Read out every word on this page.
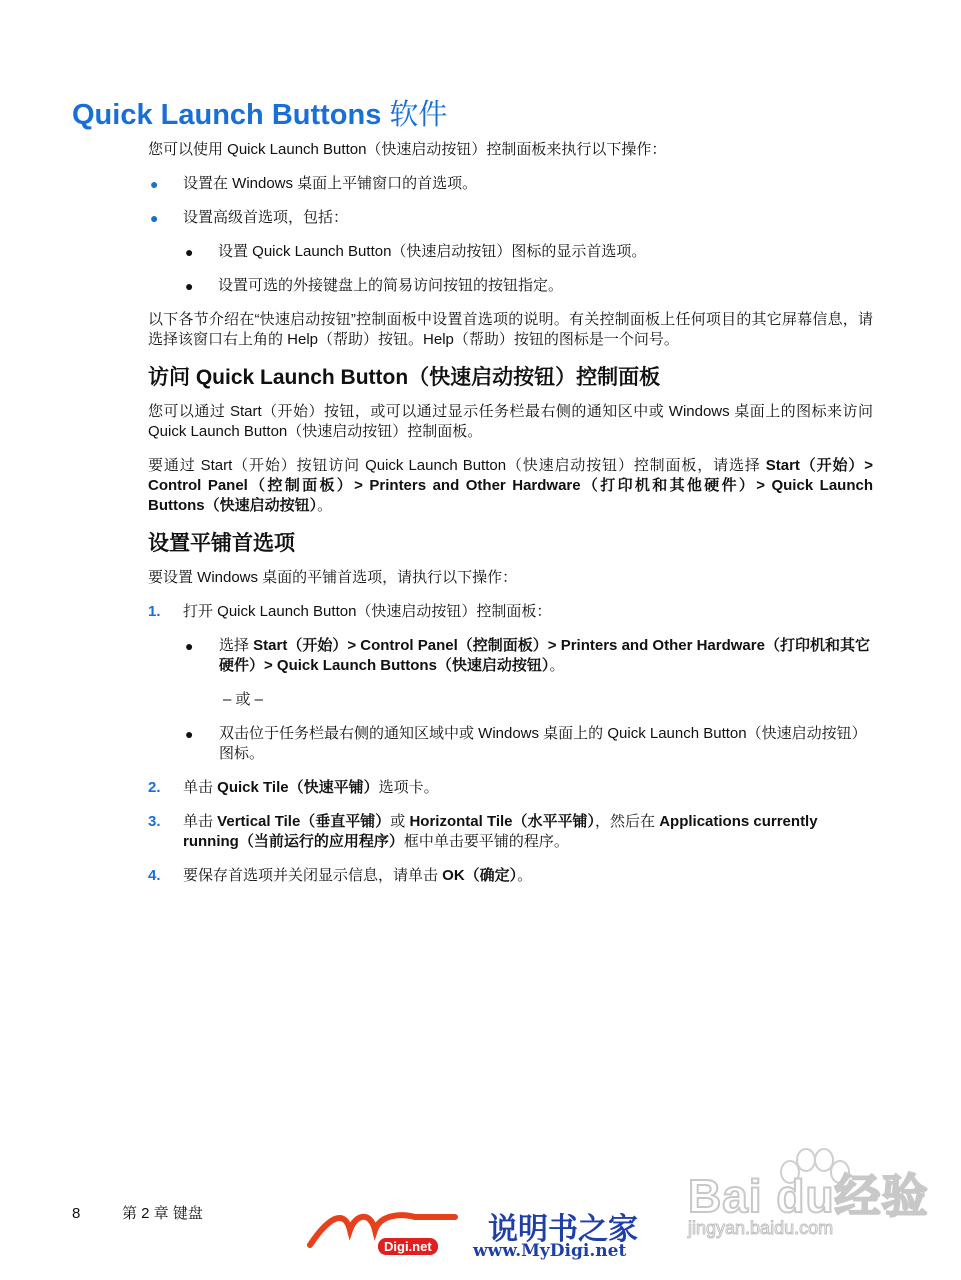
Quick Launch Buttons 软件

您可以使用 Quick Launch Button（快速启动按钮）控制面板来执行以下操作：

● 设置在 Windows 桌面上平铺窗口的首选项。
● 设置高级首选项，包括：
● 设置 Quick Launch Button（快速启动按钮）图标的显示首选项。
● 设置可选的外接键盘上的简易访问按钮的按钮指定。

以下各节介绍在“快速启动按钮”控制面板中设置首选项的说明。有关控制面板上任何项目的其它屏幕信息，请选择该窗口右上角的 Help（帮助）按钮。Help（帮助）按钮的图标是一个问号。

访问 Quick Launch Button（快速启动按钮）控制面板

您可以通过 Start（开始）按钮，或可以通过显示任务栏最右侧的通知区中或 Windows 桌面上的图标来访问 Quick Launch Button（快速启动按钮）控制面板。

要通过 Start（开始）按钮访问 Quick Launch Button（快速启动按钮）控制面板，请选择 Start（开始）> Control Panel（控制面板）> Printers and Other Hardware（打印机和其他硬件）> Quick Launch Buttons（快速启动按钮）。

设置平铺首选项

要设置 Windows 桌面的平铺首选项，请执行以下操作：

1. 打开 Quick Launch Button（快速启动按钮）控制面板：
● 选择 Start（开始）> Control Panel（控制面板）> Printers and Other Hardware（打印机和其它硬件）> Quick Launch Buttons（快速启动按钮）。

– 或 –

● 双击位于任务栏最右侧的通知区域中或 Windows 桌面上的 Quick Launch Button（快速启动按钮）图标。
2. 单击 Quick Tile（快速平铺）选项卡。
3. 单击 Vertical Tile（垂直平铺）或 Horizontal Tile（水平平铺），然后在 Applications currently running（当前运行的应用程序）框中单击要平铺的程序。
4. 要保存首选项并关闭显示信息，请单击 OK（确定）。
8	第 2 章 键盘	Bai du经验
jingyan.baidu.com
Digi.net 说明书之家
www.MyDigi.net
